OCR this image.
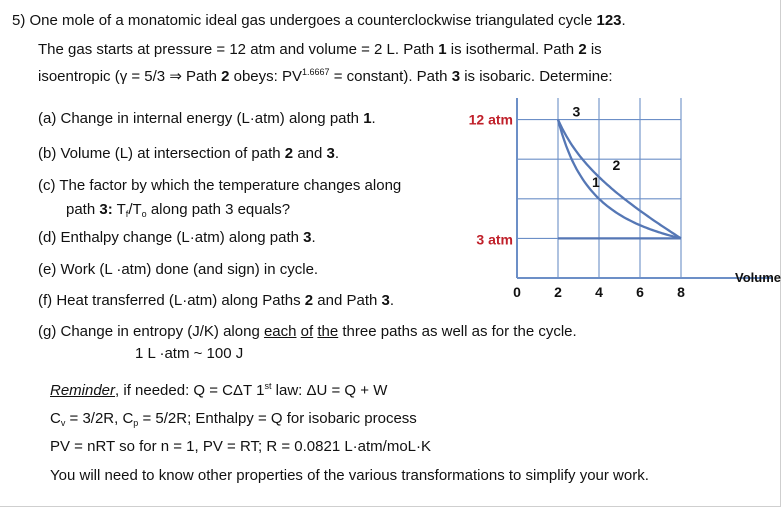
5) One mole of a monatomic ideal gas undergoes a counterclockwise triangulated cycle 123.
The gas starts at pressure = 12 atm and volume = 2 L. Path 1 is isothermal. Path 2 is
isoentropic (γ = 5/3 ⇒ Path 2 obeys: $PV^{1.6667}$ = constant). Path 3 is isobaric. Determine:
(a) Change in internal energy (L·atm) along path 1.
(b) Volume (L) at intersection of path 2 and 3.
(c) The factor by which the temperature changes along
path 3: $T_f/T_o$ along path 3 equals?
(d) Enthalpy change (L·atm) along path 3.
(e) Work (L ·atm) done (and sign) in cycle.
(f) Heat transferred (L·atm) along Paths 2 and Path 3.
(g) Change in entropy (J/K) along each of the three paths as well as for the cycle.
1 L ·atm ~ 100 J
Reminder, if needed: Q = CΔT 1st law: ΔU = Q + W
$C_v = 3/2R$, $C_p = 5/2R$; Enthalpy = Q for isobaric process
PV = nRT so for n = 1, PV = RT; R = 0.0821 L·atm/moL·K
You will need to know other properties of the various transformations to simplify your work.
12 atm
3 atm
0 2 4 6 8
Volume
3
2
1
